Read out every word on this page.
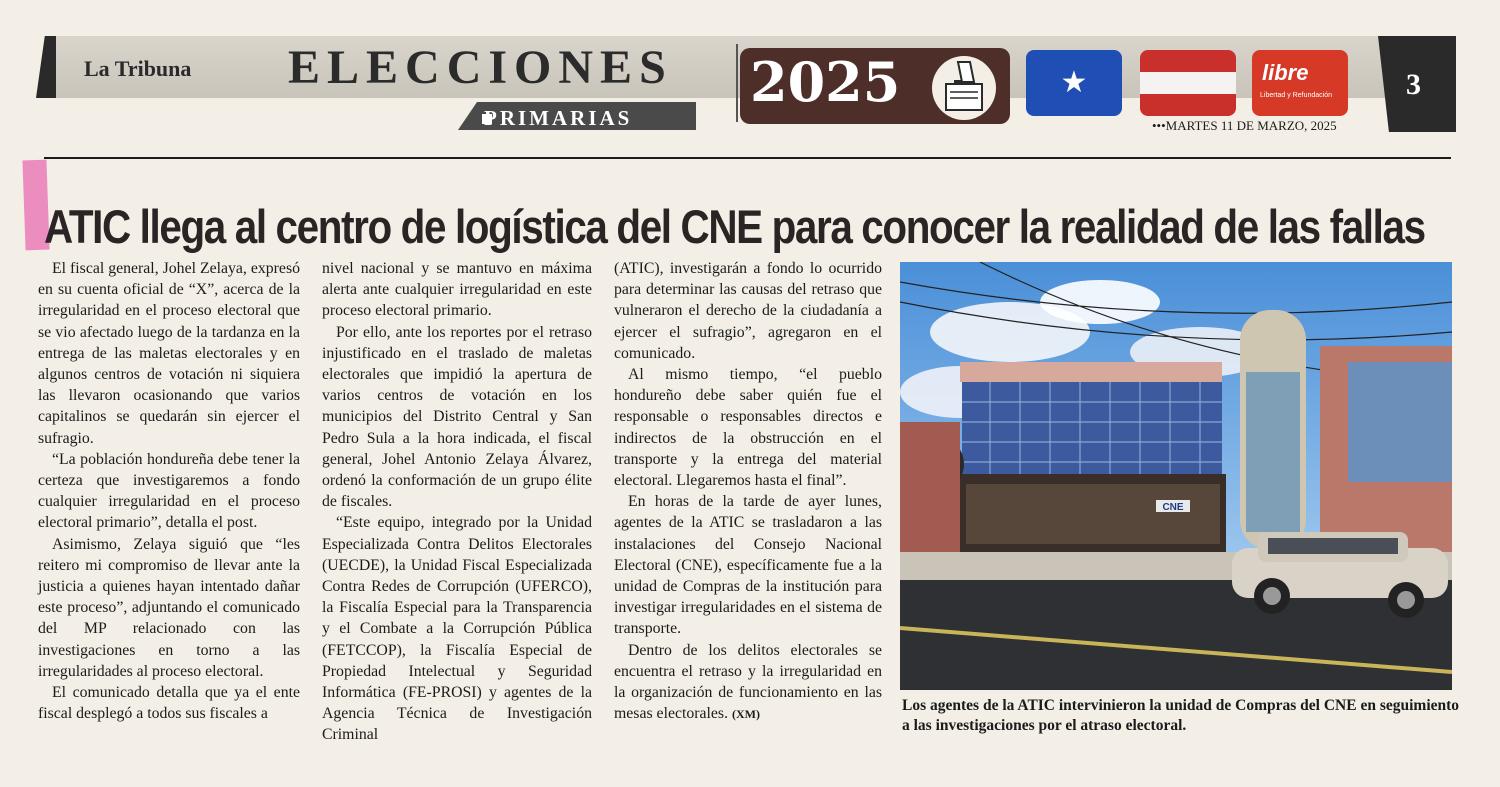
La Tribuna ELECCIONES
PRIMARIAS
2025	★	libre
Libertad y Refundación 3
•••MARTES 11 DE MARZO, 2025
ATIC llega al centro de logística del CNE para conocer la realidad de las fallas

El fiscal general, Johel Zelaya, expresó en su cuenta oficial de “X”, acerca de la irregularidad en el proceso electoral que se vio afectado luego de la tardanza en la entrega de las maletas electorales y en algunos centros de votación ni siquiera las llevaron ocasionando que varios capitalinos se quedarán sin ejercer el sufragio.

“La población hondureña debe tener la certeza que investigaremos a fondo cualquier irregularidad en el proceso electoral primario”, detalla el post.

Asimismo, Zelaya siguió que “les reitero mi compromiso de llevar ante la justicia a quienes hayan intentado dañar este proceso”, adjuntando el comunicado del MP relacionado con las investigaciones en torno a las irregularidades al proceso electoral.

El comunicado detalla que ya el ente fiscal desplegó a todos sus fiscales a

nivel nacional y se mantuvo en máxima alerta ante cualquier irregularidad en este proceso electoral primario.

Por ello, ante los reportes por el retraso injustificado en el traslado de maletas electorales que impidió la apertura de varios centros de votación en los municipios del Distrito Central y San Pedro Sula a la hora indicada, el fiscal general, Johel Antonio Zelaya Álvarez, ordenó la conformación de un grupo élite de fiscales.

“Este equipo, integrado por la Unidad Especializada Contra Delitos Electorales (UECDE), la Unidad Fiscal Especializada Contra Redes de Corrupción (UFERCO), la Fiscalía Especial para la Transparencia y el Combate a la Corrupción Pública (FETCCOP), la Fiscalía Especial de Propiedad Intelectual y Seguridad Informática (FE-PROSI) y agentes de la Agencia Técnica de Investigación Criminal

(ATIC), investigarán a fondo lo ocurrido para determinar las causas del retraso que vulneraron el derecho de la ciudadanía a ejercer el sufragio”, agregaron en el comunicado.

Al mismo tiempo, “el pueblo hondureño debe saber quién fue el responsable o responsables directos e indirectos de la obstrucción en el transporte y la entrega del material electoral. Llegaremos hasta el final”.

En horas de la tarde de ayer lunes, agentes de la ATIC se trasladaron a las instalaciones del Consejo Nacional Electoral (CNE), específicamente fue a la unidad de Compras de la institución para investigar irregularidades en el sistema de transporte.

Dentro de los delitos electorales se encuentra el retraso y la irregularidad en la organización de funcionamiento en las mesas electorales. (XM)

CNE
Los agentes de la ATIC intervinieron la unidad de Compras del CNE en seguimiento a las investigaciones por el atraso electoral.
